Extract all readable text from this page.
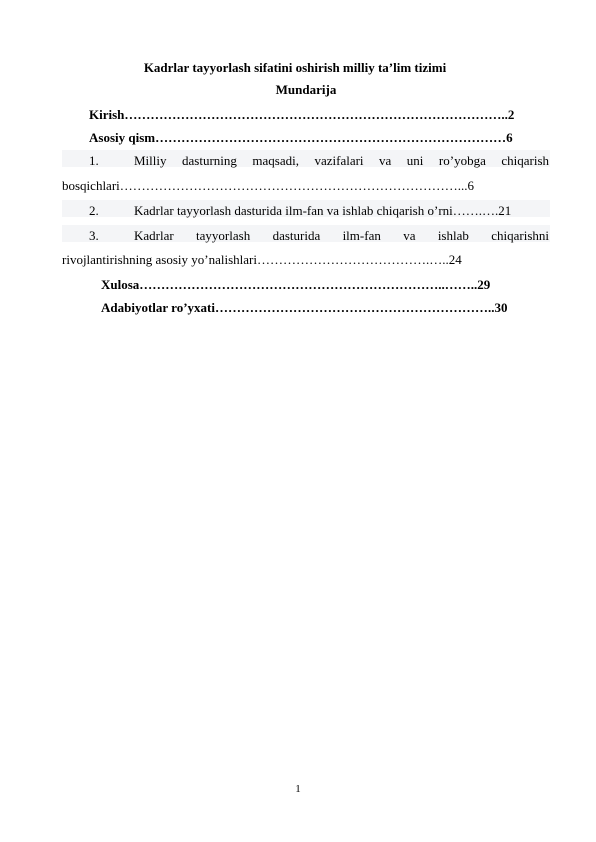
Kadrlar tayyorlash sifatini oshirish milliy ta’lim tizimi
Mundarija
Kirish……………………………………………………………………………..2
Asosiy qism………………………………………………………………………6
1.	Milliy dasturning maqsadi, vazifalari va uni ro’yobga chiqarish
bosqichlari……………………………………………………………………...6
2.	Kadrlar tayyorlash dasturida ilm-fan va ishlab chiqarish o’rni…….….21
3.	Kadrlar tayyorlash dasturida ilm-fan va ishlab chiqarishni
rivojlantirishning asosiy yo’nalishlari………………………………….…..24
Xulosa……………………………………………………………..……..29
Adabiyotlar ro’yxati………………………………………………………..30
1
